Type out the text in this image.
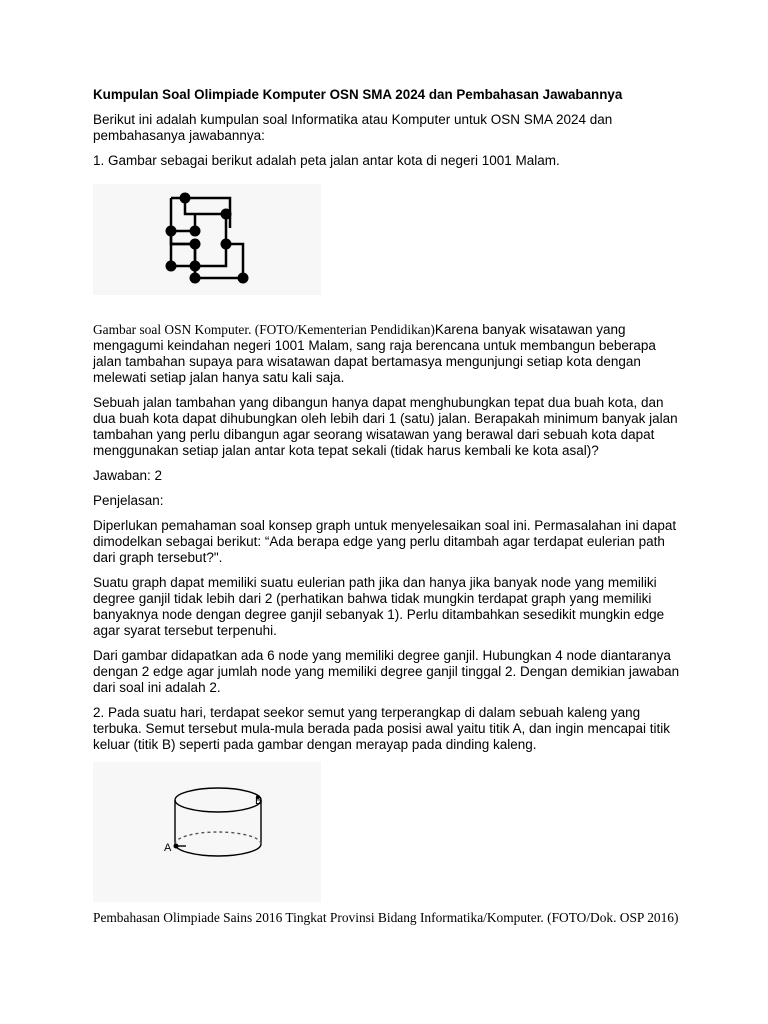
Kumpulan Soal Olimpiade Komputer OSN SMA 2024 dan Pembahasan Jawabannya

Berikut ini adalah kumpulan soal Informatika atau Komputer untuk OSN SMA 2024 dan pembahasanya jawabannya:

1. Gambar sebagai berikut adalah peta jalan antar kota di negeri 1001 Malam.

Gambar soal OSN Komputer. (FOTO/Kementerian Pendidikan)Karena banyak wisatawan yang mengagumi keindahan negeri 1001 Malam, sang raja berencana untuk membangun beberapa jalan tambahan supaya para wisatawan dapat bertamasya mengunjungi setiap kota dengan melewati setiap jalan hanya satu kali saja.

Sebuah jalan tambahan yang dibangun hanya dapat menghubungkan tepat dua buah kota, dan dua buah kota dapat dihubungkan oleh lebih dari 1 (satu) jalan. Berapakah minimum banyak jalan tambahan yang perlu dibangun agar seorang wisatawan yang berawal dari sebuah kota dapat menggunakan setiap jalan antar kota tepat sekali (tidak harus kembali ke kota asal)?

Jawaban: 2

Penjelasan:

Diperlukan pemahaman soal konsep graph untuk menyelesaikan soal ini. Permasalahan ini dapat dimodelkan sebagai berikut: “Ada berapa edge yang perlu ditambah agar terdapat eulerian path dari graph tersebut?".

Suatu graph dapat memiliki suatu eulerian path jika dan hanya jika banyak node yang memiliki degree ganjil tidak lebih dari 2 (perhatikan bahwa tidak mungkin terdapat graph yang memiliki banyaknya node dengan degree ganjil sebanyak 1). Perlu ditambahkan sesedikit mungkin edge agar syarat tersebut terpenuhi.

Dari gambar didapatkan ada 6 node yang memiliki degree ganjil. Hubungkan 4 node diantaranya dengan 2 edge agar jumlah node yang memiliki degree ganjil tinggal 2. Dengan demikian jawaban dari soal ini adalah 2.

2. Pada suatu hari, terdapat seekor semut yang terperangkap di dalam sebuah kaleng yang terbuka. Semut tersebut mula-mula berada pada posisi awal yaitu titik A, dan ingin mencapai titik keluar (titik B) seperti pada gambar dengan merayap pada dinding kaleng.

A
B
Pembahasan Olimpiade Sains 2016 Tingkat Provinsi Bidang Informatika/Komputer. (FOTO/Dok. OSP 2016)
